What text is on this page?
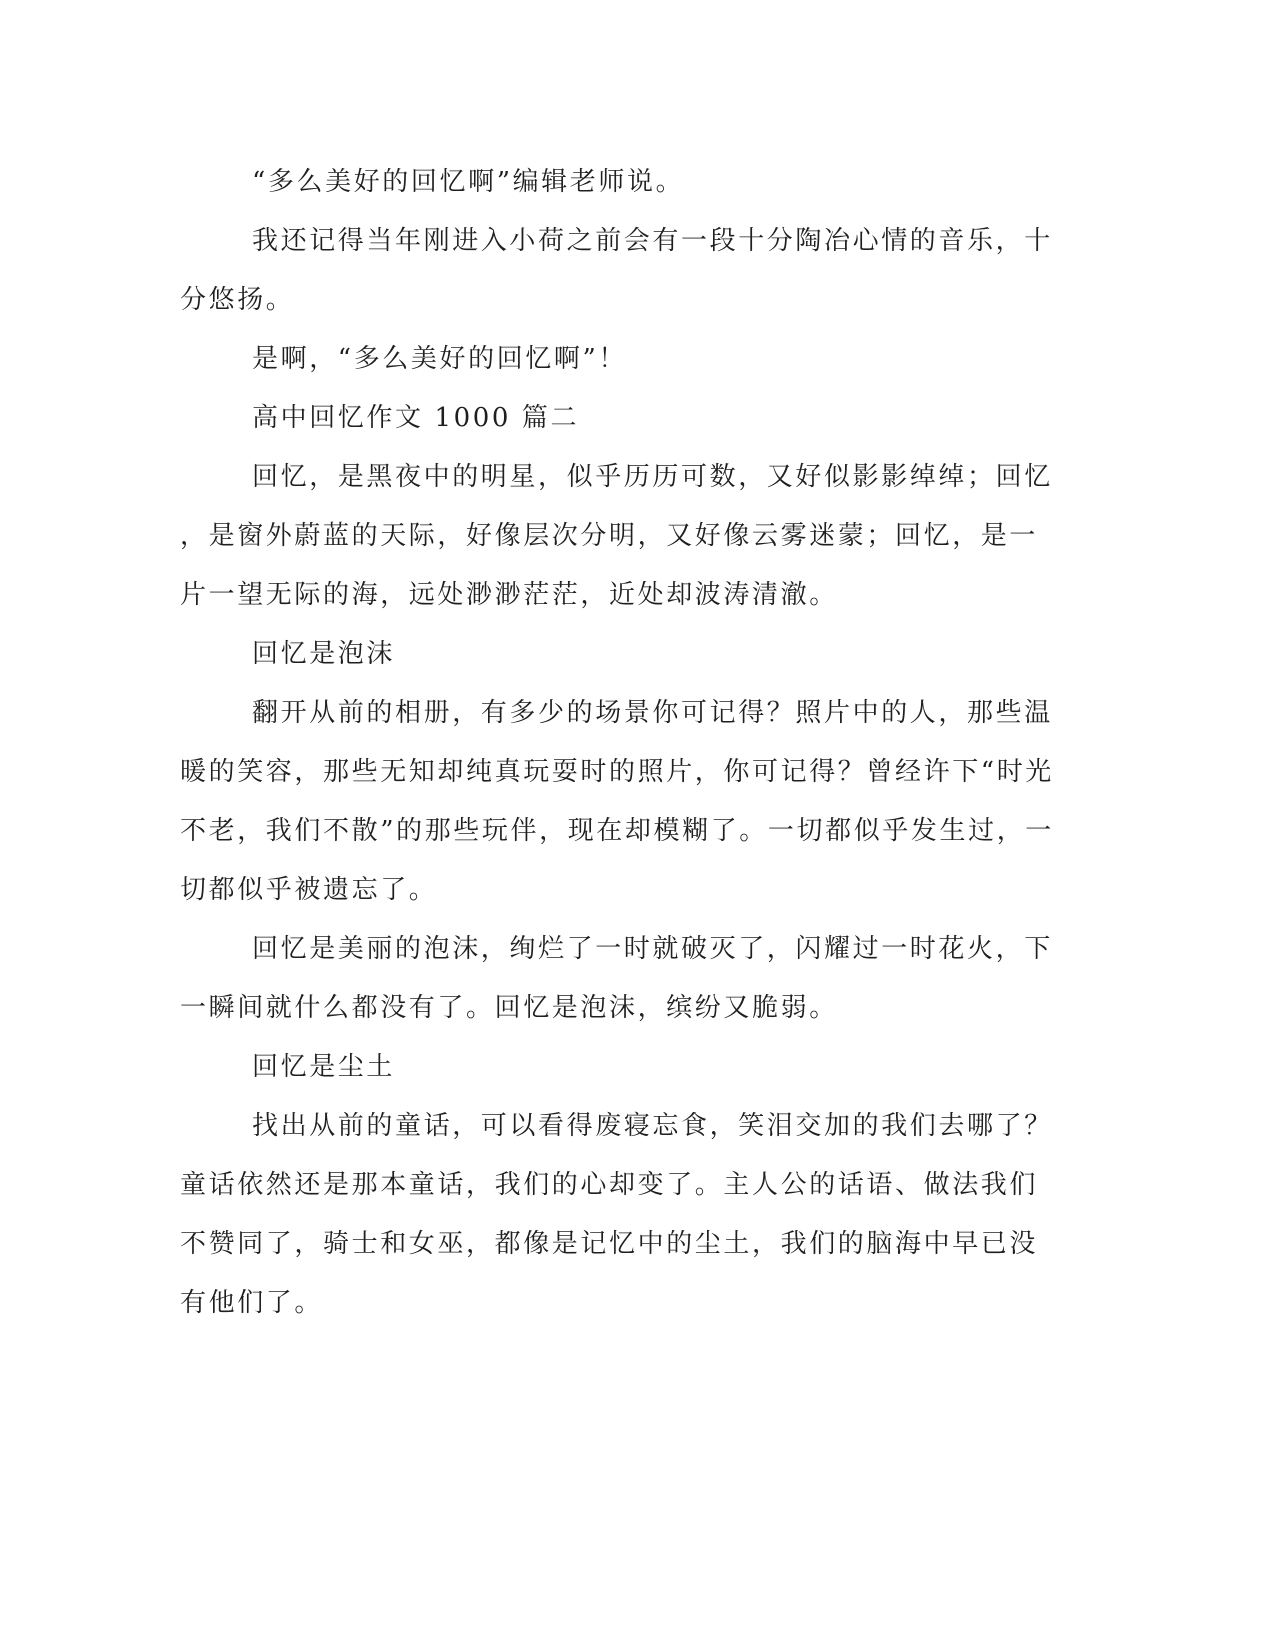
“多么美好的回忆啊”编辑老师说。
我还记得当年刚进入小荷之前会有一段十分陶冶心情的音乐，十
分悠扬。
是啊，“多么美好的回忆啊”！
高中回忆作文 1000 篇二
回忆，是黑夜中的明星，似乎历历可数，又好似影影绰绰；回忆
，是窗外蔚蓝的天际，好像层次分明，又好像云雾迷蒙；回忆，是一
片一望无际的海，远处渺渺茫茫，近处却波涛清澈。
回忆是泡沫
翻开从前的相册，有多少的场景你可记得？照片中的人，那些温
暖的笑容，那些无知却纯真玩耍时的照片，你可记得？曾经许下“时光
不老，我们不散”的那些玩伴，现在却模糊了。一切都似乎发生过，一
切都似乎被遗忘了。
回忆是美丽的泡沫，绚烂了一时就破灭了，闪耀过一时花火，下
一瞬间就什么都没有了。回忆是泡沫，缤纷又脆弱。
回忆是尘土
找出从前的童话，可以看得废寝忘食，笑泪交加的我们去哪了？
童话依然还是那本童话，我们的心却变了。主人公的话语、做法我们
不赞同了，骑士和女巫，都像是记忆中的尘土，我们的脑海中早已没
有他们了。
